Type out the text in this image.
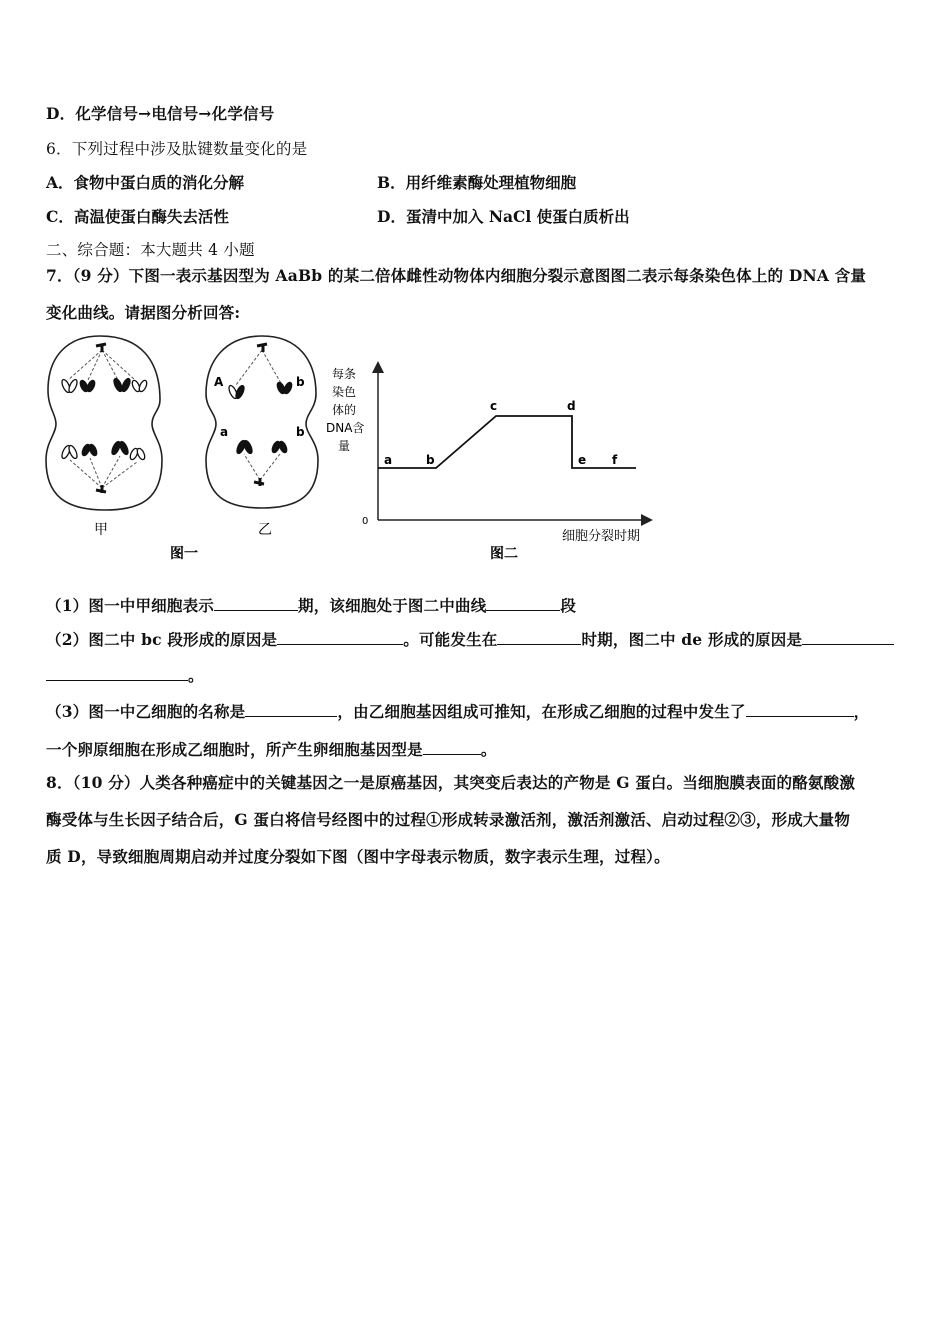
D．化学信号→电信号→化学信号
6．下列过程中涉及肽键数量变化的是
A．食物中蛋白质的消化分解	B．用纤维素酶处理植物细胞
C．高温使蛋白酶失去活性	D．蛋清中加入 NaCl 使蛋白质析出
二、综合题：本大题共 4 小题
7．（9 分）下图一表示基因型为 AaBb 的某二倍体雌性动物体内细胞分裂示意图图二表示每条染色体上的 DNA 含量
变化曲线。请据图分析回答:
A	b
a	b
甲	乙
图一
每条
染色
体的
DNA含
量
0
a	b
c	d
e f
细胞分裂时期
图二
（1）图一中甲细胞表示	期，该细胞处于图二中曲线	段
（2）图二中 bc 段形成的原因是	。可能发生在	时期，图二中 de 形成的原因是
。
（3）图一中乙细胞的名称是	，由乙细胞基因组成可推知，在形成乙细胞的过程中发生了	，
一个卵原细胞在形成乙细胞时，所产生卵细胞基因型是	。
8．（10 分）人类各种癌症中的关键基因之一是原癌基因，其突变后表达的产物是 G 蛋白。当细胞膜表面的酪氨酸激
酶受体与生长因子结合后，G 蛋白将信号经图中的过程①形成转录激活剂，激活剂激活、启动过程②③，形成大量物
质 D，导致细胞周期启动并过度分裂如下图（图中字母表示物质，数字表示生理，过程）。
